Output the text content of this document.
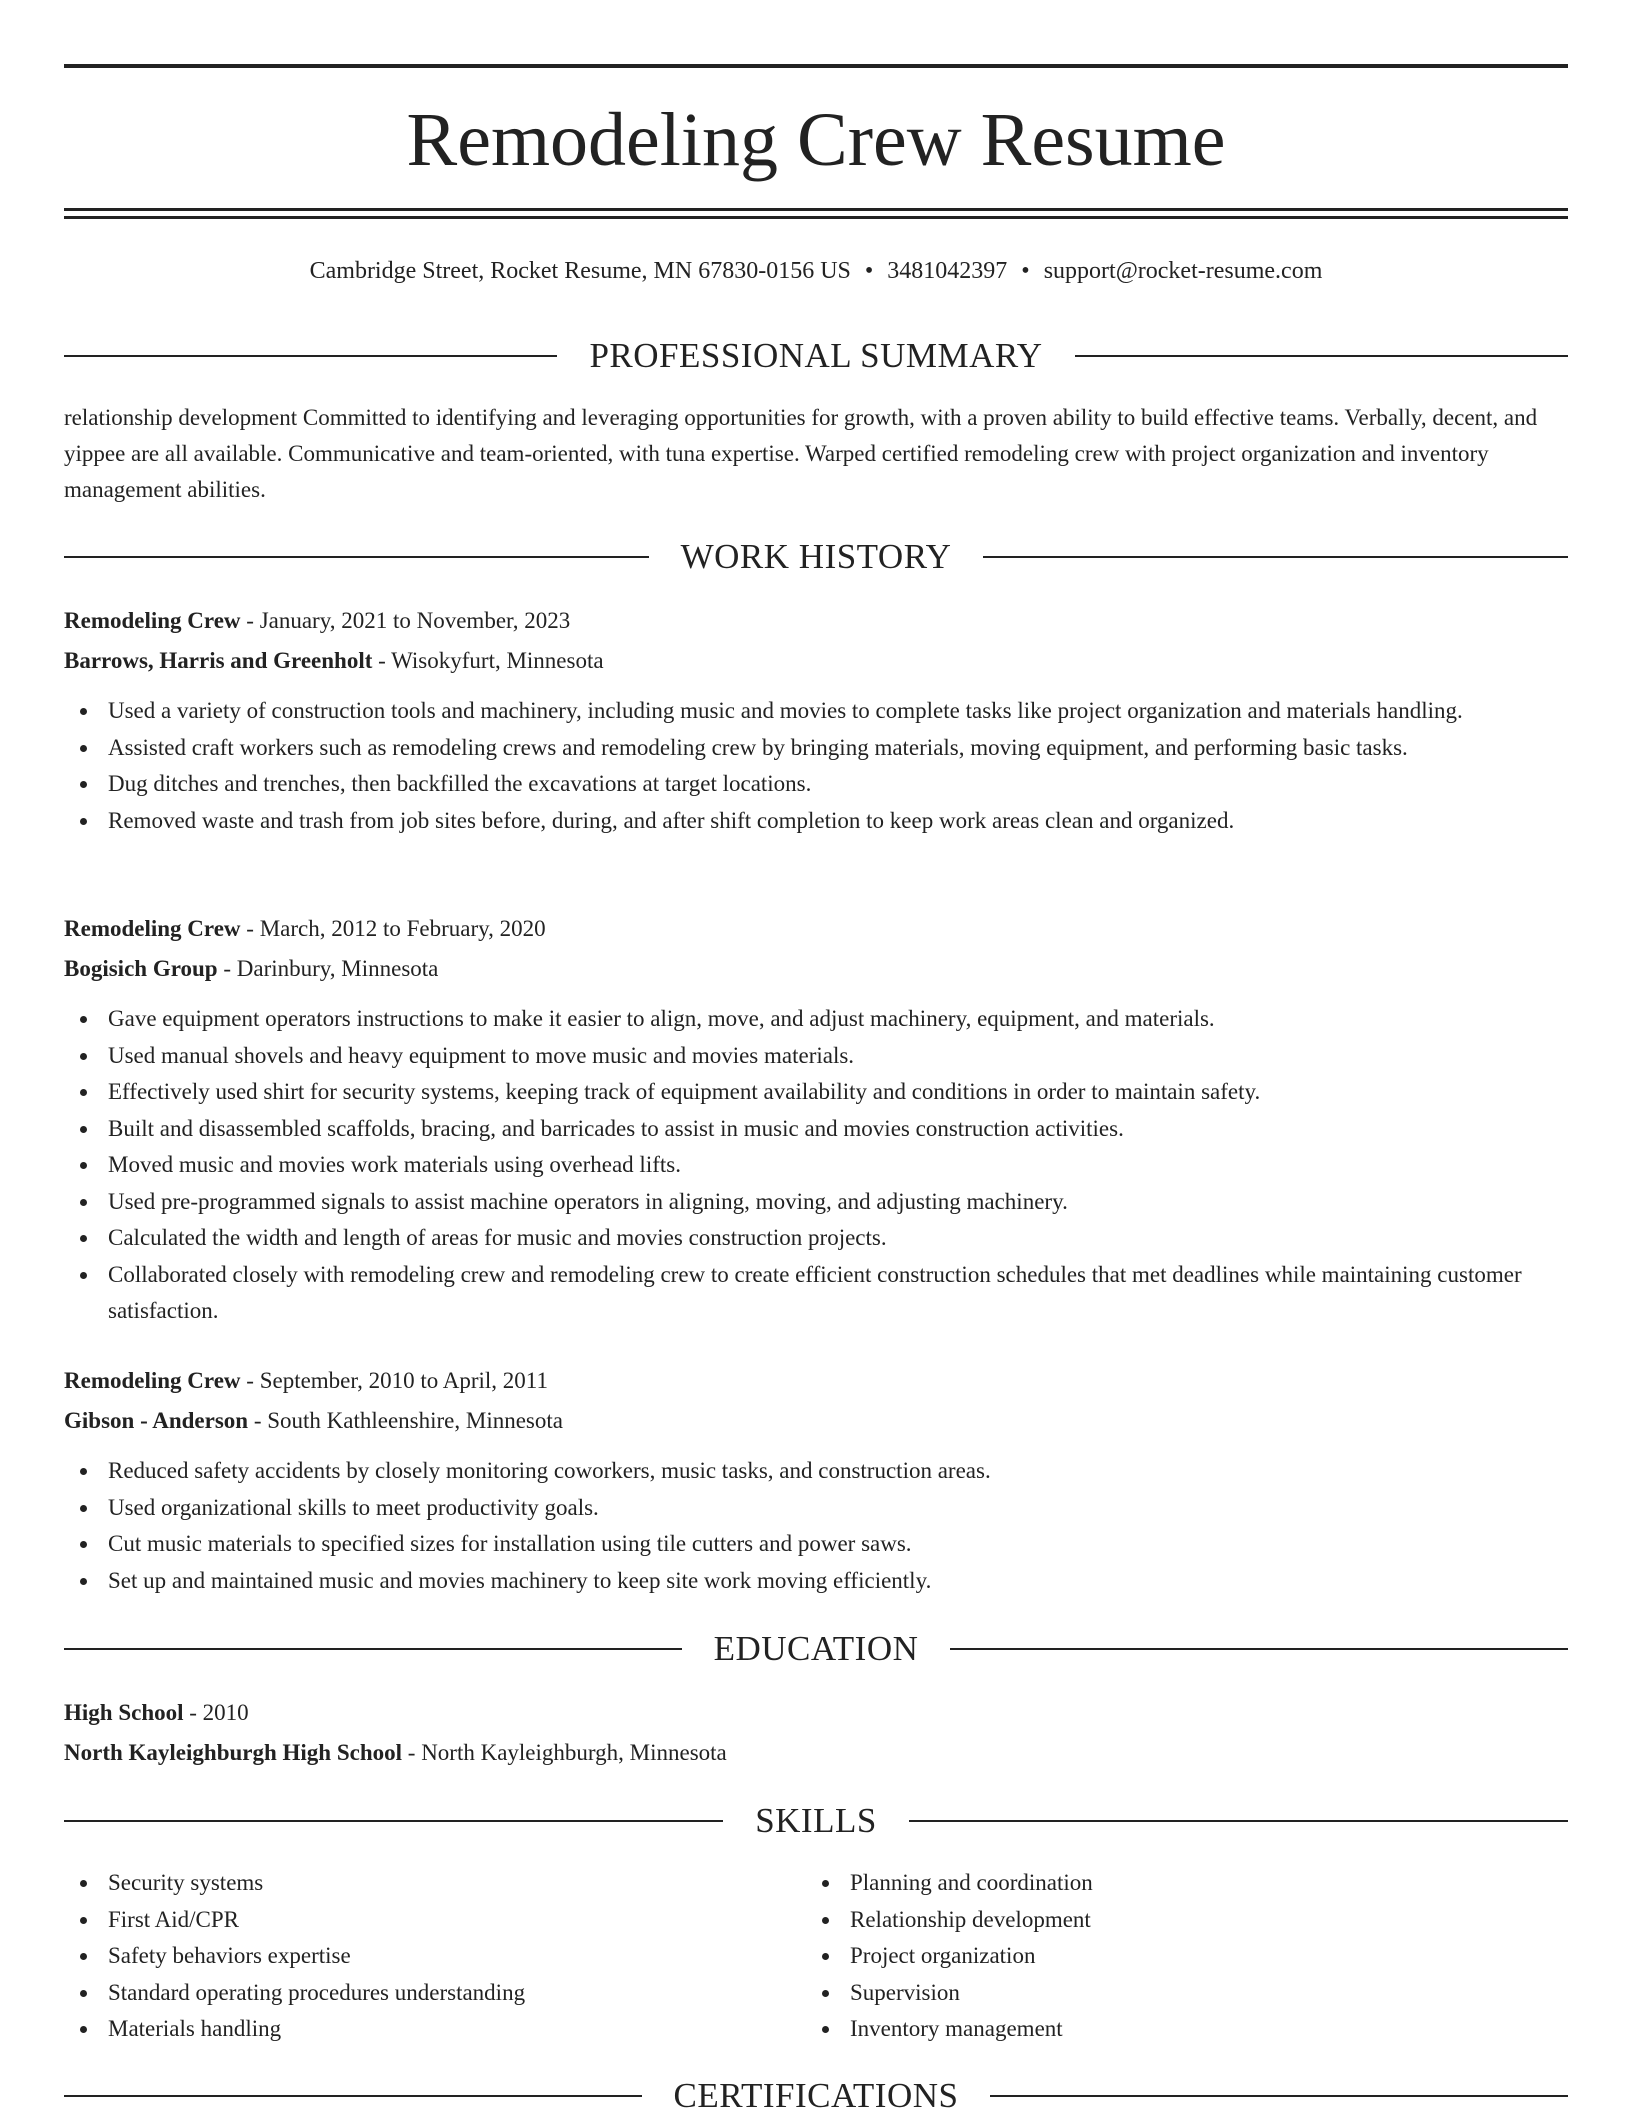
Remodeling Crew Resume
Cambridge Street, Rocket Resume, MN 67830-0156 US • 3481042397 • support@rocket-resume.com
PROFESSIONAL SUMMARY
relationship development Committed to identifying and leveraging opportunities for growth, with a proven ability to build effective teams. Verbally, decent, and yippee are all available. Communicative and team-oriented, with tuna expertise. Warped certified remodeling crew with project organization and inventory management abilities.
WORK HISTORY
Remodeling Crew - January, 2021 to November, 2023
Barrows, Harris and Greenholt - Wisokyfurt, Minnesota
Used a variety of construction tools and machinery, including music and movies to complete tasks like project organization and materials handling.
Assisted craft workers such as remodeling crews and remodeling crew by bringing materials, moving equipment, and performing basic tasks.
Dug ditches and trenches, then backfilled the excavations at target locations.
Removed waste and trash from job sites before, during, and after shift completion to keep work areas clean and organized.
Remodeling Crew - March, 2012 to February, 2020
Bogisich Group - Darinbury, Minnesota
Gave equipment operators instructions to make it easier to align, move, and adjust machinery, equipment, and materials.
Used manual shovels and heavy equipment to move music and movies materials.
Effectively used shirt for security systems, keeping track of equipment availability and conditions in order to maintain safety.
Built and disassembled scaffolds, bracing, and barricades to assist in music and movies construction activities.
Moved music and movies work materials using overhead lifts.
Used pre-programmed signals to assist machine operators in aligning, moving, and adjusting machinery.
Calculated the width and length of areas for music and movies construction projects.
Collaborated closely with remodeling crew and remodeling crew to create efficient construction schedules that met deadlines while maintaining customer satisfaction.
Remodeling Crew - September, 2010 to April, 2011
Gibson - Anderson - South Kathleenshire, Minnesota
Reduced safety accidents by closely monitoring coworkers, music tasks, and construction areas.
Used organizational skills to meet productivity goals.
Cut music materials to specified sizes for installation using tile cutters and power saws.
Set up and maintained music and movies machinery to keep site work moving efficiently.
EDUCATION
High School - 2010
North Kayleighburgh High School - North Kayleighburgh, Minnesota
SKILLS
Security systems
First Aid/CPR
Safety behaviors expertise
Standard operating procedures understanding
Materials handling
Planning and coordination
Relationship development
Project organization
Supervision
Inventory management
CERTIFICATIONS
